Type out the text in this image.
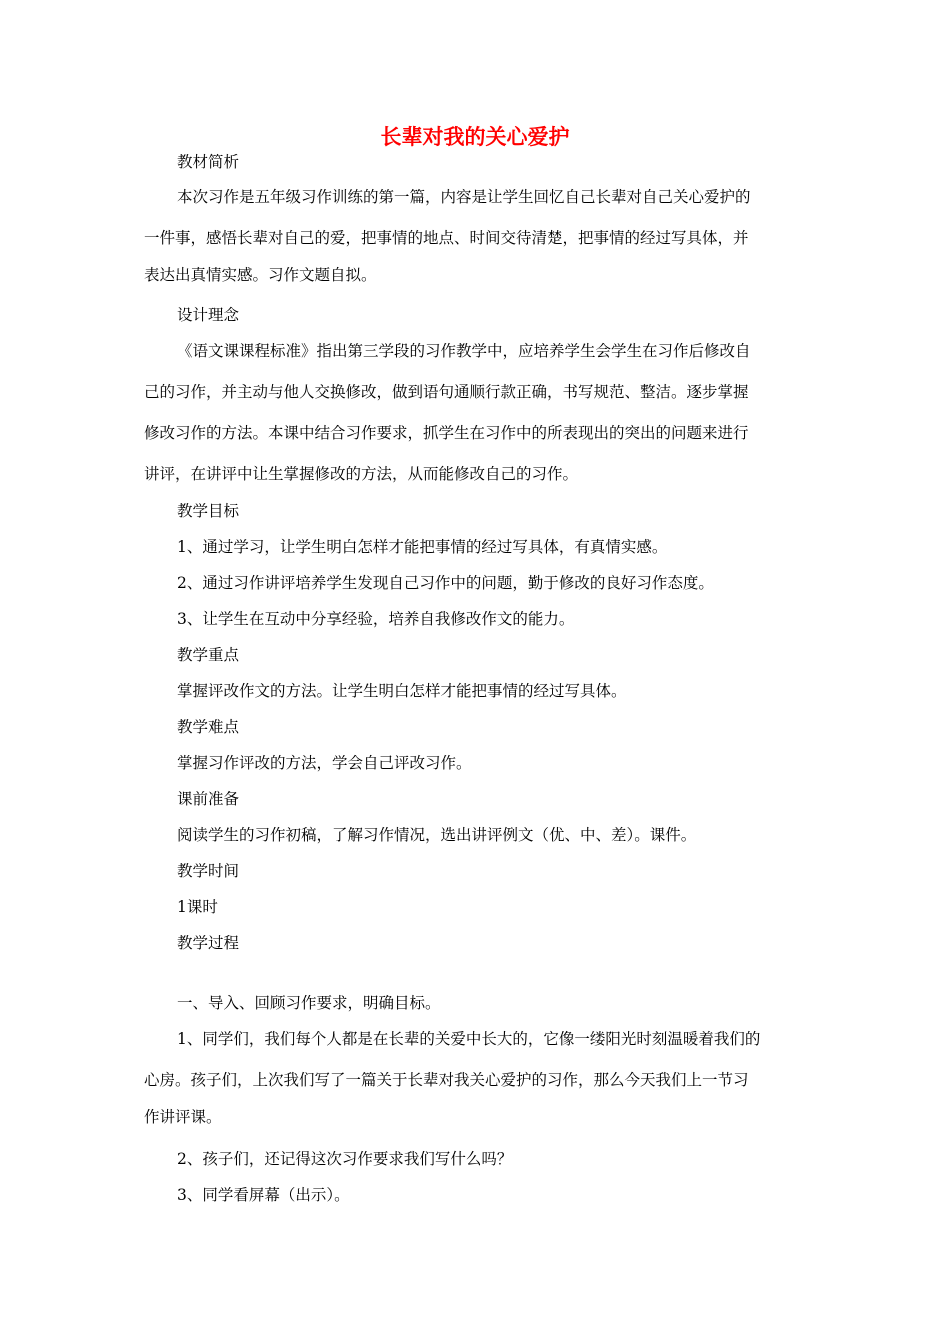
长辈对我的关心爱护

教材简析

本次习作是五年级习作训练的第一篇，内容是让学生回忆自己长辈对自己关心爱护的
一件事，感悟长辈对自己的爱，把事情的地点、时间交待清楚，把事情的经过写具体，并
表达出真情实感。习作文题自拟。

设计理念

《语文课课程标准》指出第三学段的习作教学中，应培养学生会学生在习作后修改自
己的习作，并主动与他人交换修改，做到语句通顺行款正确，书写规范、整洁。逐步掌握
修改习作的方法。本课中结合习作要求，抓学生在习作中的所表现出的突出的问题来进行
讲评，在讲评中让生掌握修改的方法，从而能修改自己的习作。

教学目标

1、通过学习，让学生明白怎样才能把事情的经过写具体，有真情实感。

2、通过习作讲评培养学生发现自己习作中的问题，勤于修改的良好习作态度。

3、让学生在互动中分享经验，培养自我修改作文的能力。

教学重点

掌握评改作文的方法。让学生明白怎样才能把事情的经过写具体。

教学难点

掌握习作评改的方法，学会自己评改习作。

课前准备

阅读学生的习作初稿，了解习作情况，选出讲评例文（优、中、差）。课件。

教学时间

1课时

教学过程

一、导入、回顾习作要求，明确目标。

1、同学们，我们每个人都是在长辈的关爱中长大的，它像一缕阳光时刻温暖着我们的
心房。孩子们，上次我们写了一篇关于长辈对我关心爱护的习作，那么今天我们上一节习
作讲评课。

2、孩子们，还记得这次习作要求我们写什么吗？

3、同学看屏幕（出示）。
